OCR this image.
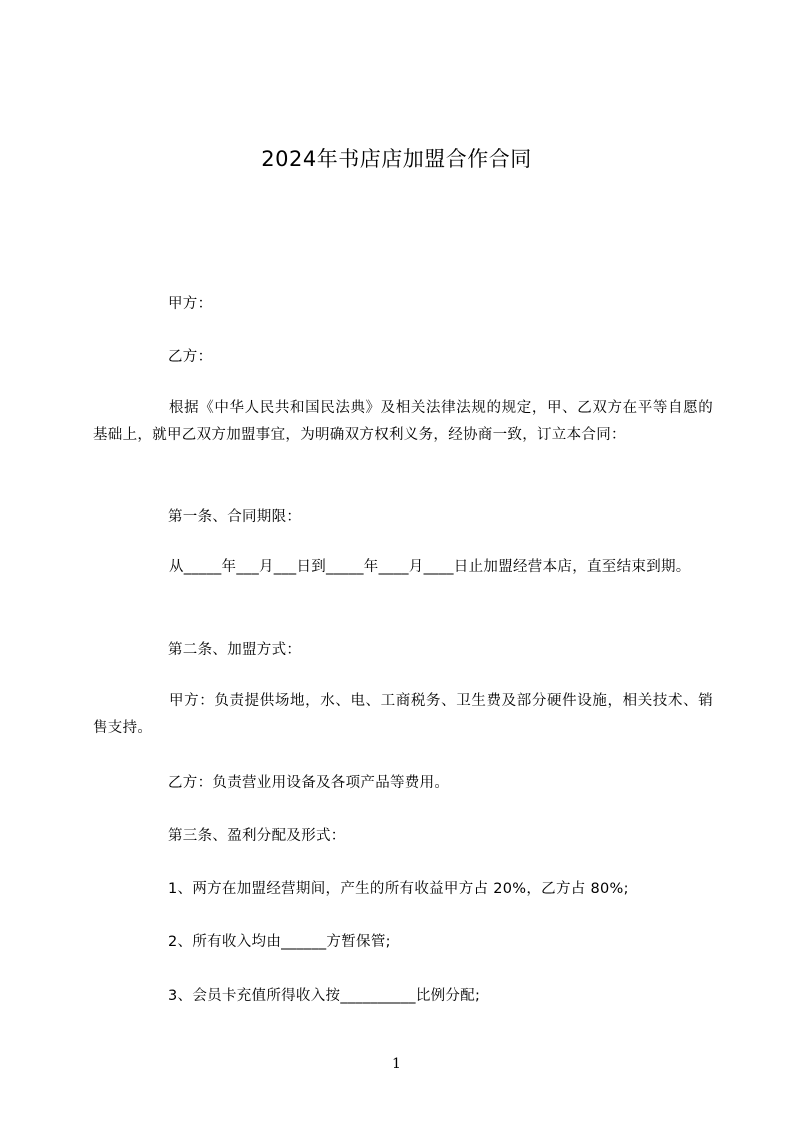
2024年书店店加盟合作合同
甲方：
乙方：
根据《中华人民共和国民法典》及相关法律法规的规定，甲、乙双方在平等自愿的基础上，就甲乙双方加盟事宜，为明确双方权利义务，经协商一致，订立本合同：
第一条、合同期限：
从_____年___月___日到_____年____月____日止加盟经营本店，直至结束到期。
第二条、加盟方式：
甲方：负责提供场地，水、电、工商税务、卫生费及部分硬件设施，相关技术、销售支持。
乙方：负责营业用设备及各项产品等费用。
第三条、盈利分配及形式：
1、两方在加盟经营期间，产生的所有收益甲方占 20%，乙方占 80%;
2、所有收入均由______方暂保管;
3、会员卡充值所得收入按__________比例分配;
1
